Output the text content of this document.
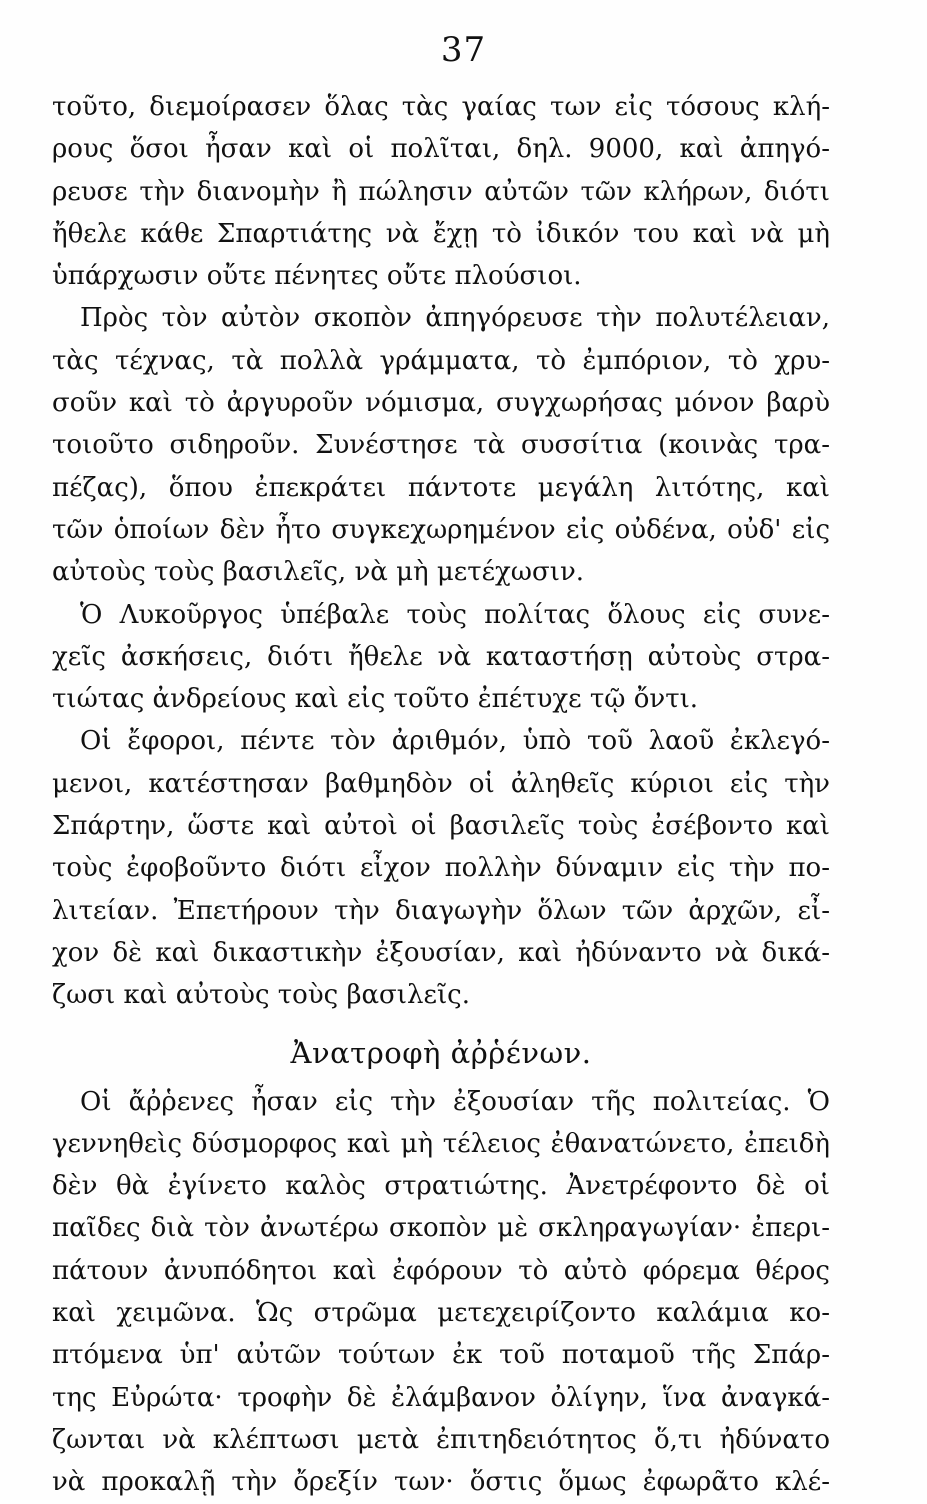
37
τοῦτο, διεμοίρασεν ὅλας τὰς γαίας των εἰς τόσους κλή-
ρους ὅσοι ἦσαν καὶ οἱ πολῖται, δηλ. 9000, καὶ ἀπηγό-
ρευσε τὴν διανομὴν ἢ πώλησιν αὐτῶν τῶν κλήρων, διότι
ἤθελε κάθε Σπαρτιάτης νὰ ἔχῃ τὸ ἰδικόν του καὶ νὰ μὴ
ὑπάρχωσιν οὔτε πένητες οὔτε πλούσιοι.
Πρὸς τὸν αὐτὸν σκοπὸν ἀπηγόρευσε τὴν πολυτέλειαν,
τὰς τέχνας, τὰ πολλὰ γράμματα, τὸ ἐμπόριον, τὸ χρυ-
σοῦν καὶ τὸ ἀργυροῦν νόμισμα, συγχωρήσας μόνον βαρὺ
τοιοῦτο σιδηροῦν. Συνέστησε τὰ συσσίτια (κοινὰς τρα-
πέζας), ὅπου ἐπεκράτει πάντοτε μεγάλη λιτότης, καὶ
τῶν ὁποίων δὲν ἦτο συγκεχωρημένον εἰς οὐδένα, οὐδ' εἰς
αὐτοὺς τοὺς βασιλεῖς, νὰ μὴ μετέχωσιν.
Ὁ Λυκοῦργος ὑπέβαλε τοὺς πολίτας ὅλους εἰς συνε-
χεῖς ἀσκήσεις, διότι ἤθελε νὰ καταστήσῃ αὐτοὺς στρα-
τιώτας ἀνδρείους καὶ εἰς τοῦτο ἐπέτυχε τῷ ὄντι.
Οἱ ἔφοροι, πέντε τὸν ἀριθμόν, ὑπὸ τοῦ λαοῦ ἐκλεγό-
μενοι, κατέστησαν βαθμηδὸν οἱ ἀληθεῖς κύριοι εἰς τὴν
Σπάρτην, ὥστε καὶ αὐτοὶ οἱ βασιλεῖς τοὺς ἐσέβοντο καὶ
τοὺς ἐφοβοῦντο διότι εἶχον πολλὴν δύναμιν εἰς τὴν πο-
λιτείαν. Ἐπετήρουν τὴν διαγωγὴν ὅλων τῶν ἀρχῶν, εἶ-
χον δὲ καὶ δικαστικὴν ἐξουσίαν, καὶ ἠδύναντο νὰ δικά-
ζωσι καὶ αὐτοὺς τοὺς βασιλεῖς.
Ἀνατροφὴ ἀῤῥένων.
Οἱ ἄῤῥενες ἦσαν εἰς τὴν ἐξουσίαν τῆς πολιτείας. Ὁ
γεννηθεὶς δύσμορφος καὶ μὴ τέλειος ἐθανατώνετο, ἐπειδὴ
δὲν θὰ ἐγίνετο καλὸς στρατιώτης. Ἀνετρέφοντο δὲ οἱ
παῖδες διὰ τὸν ἀνωτέρω σκοπὸν μὲ σκληραγωγίαν· ἐπερι-
πάτουν ἀνυπόδητοι καὶ ἐφόρουν τὸ αὐτὸ φόρεμα θέρος
καὶ χειμῶνα. Ὡς στρῶμα μετεχειρίζοντο καλάμια κο-
πτόμενα ὑπ' αὐτῶν τούτων ἐκ τοῦ ποταμοῦ τῆς Σπάρ-
της Εὐρώτα· τροφὴν δὲ ἐλάμβανον ὀλίγην, ἵνα ἀναγκά-
ζωνται νὰ κλέπτωσι μετὰ ἐπιτηδειότητος ὅ,τι ἠδύνατο
νὰ προκαλῇ τὴν ὄρεξίν των· ὅστις ὅμως ἐφωρᾶτο κλέ-
